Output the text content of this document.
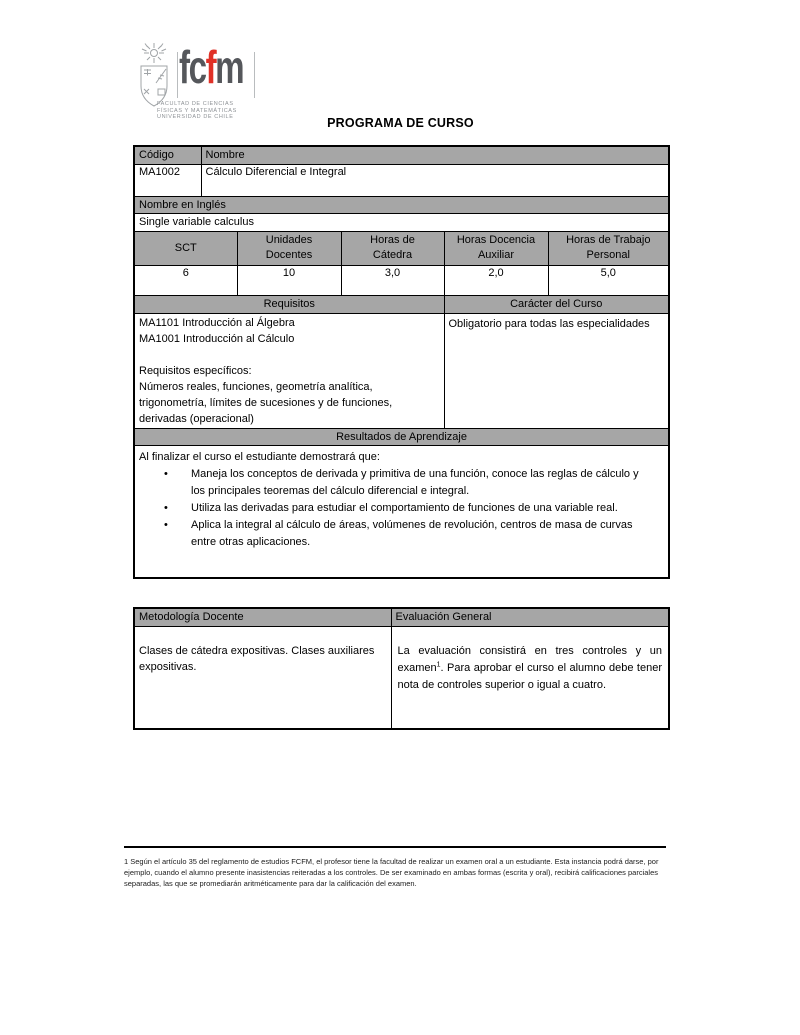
fcfm
FACULTAD DE CIENCIAS
FÍSICAS Y MATEMÁTICAS
UNIVERSIDAD DE CHILE	PROGRAMA DE CURSO
Código	Nombre				
MA1002	Cálculo Diferencial e Integral				
Nombre en Inglés					
Single variable calculus					
SCT		Unidades Docentes	Horas de Cátedra	Horas Docencia Auxiliar	Horas de Trabajo Personal
6		10	3,0	2,0	5,0
Requisitos				Carácter del Curso	

MA1101 Introducción al Álgebra
MA1001 Introducción al Cálculo
Requisitos específicos:
Números reales, funciones, geometría analítica, trigonometría, límites de sucesiones y de funciones, derivadas (operacional)				Obligatorio para todas las especialidades	

Resultados de Aprendizaje					

Al finalizar el curso el estudiante demostrará que:
•	Maneja los conceptos de derivada y primitiva de una función, conoce las reglas de cálculo y los principales teoremas del cálculo diferencial e integral.
•	Utiliza las derivadas para estudiar el comportamiento de funciones de una variable real.
•	Aplica la integral al cálculo de áreas, volúmenes de revolución, centros de masa de curvas entre otras aplicaciones.
Metodología Docente	Evaluación General
Clases de cátedra expositivas. Clases auxiliares expositivas.	La evaluación consistirá en tres controles y un examen$^1$. Para aprobar el curso el alumno debe tener nota de controles superior o igual a cuatro.
1 Según el artículo 35 del reglamento de estudios FCFM, el profesor tiene la facultad de realizar un examen oral a un estudiante. Esta instancia podrá darse, por ejemplo, cuando el alumno presente inasistencias reiteradas a los controles. De ser examinado en ambas formas (escrita y oral), recibirá calificaciones parciales separadas, las que se promediarán aritméticamente para dar la calificación del examen.
